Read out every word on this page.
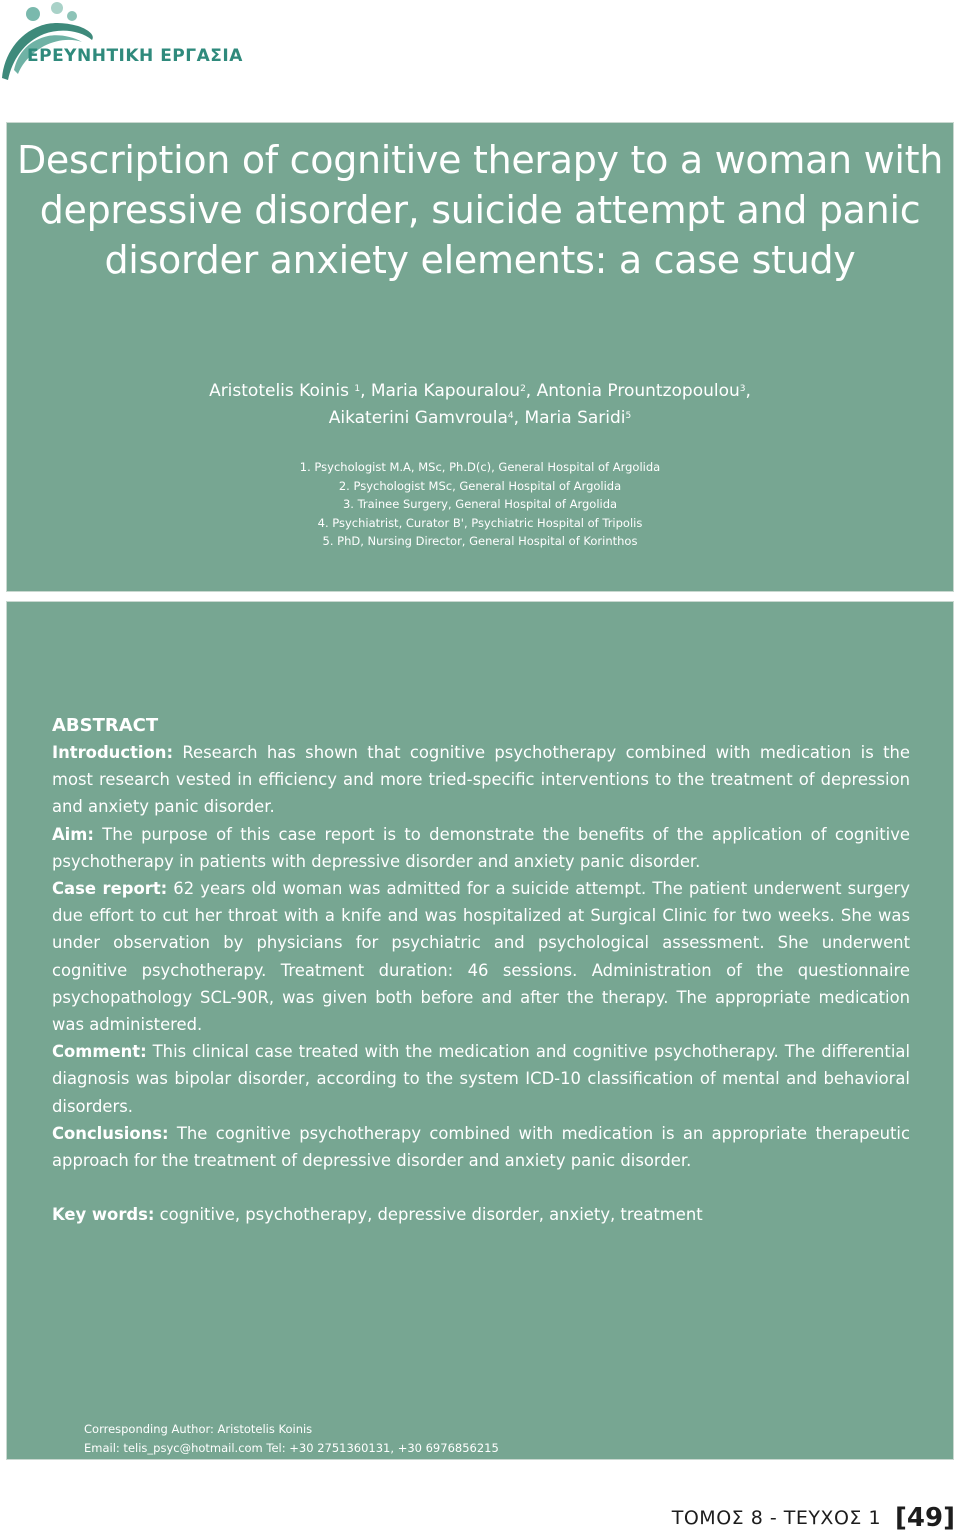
ΕΡΕΥΝΗΤΙΚΗ ΕΡΓΑΣΙΑ
Description of cognitive therapy to a woman with
depressive disorder, suicide attempt and panic
disorder anxiety elements: a case study
Aristotelis Koinis $^1$, Maria Kapouralou$^2$, Antonia Prountzopoulou$^3$,
Aikaterini Gamvroula$^4$, Maria Saridi$^5$
1. Psychologist M.A, MSc, Ph.D(c), General Hospital of Argolida
2. Psychologist MSc, General Hospital of Argolida
3. Trainee Surgery, General Hospital of Argolida
4. Psychiatrist, Curator B', Psychiatric Hospital of Tripolis
5. PhD, Nursing Director, General Hospital of Korinthos

ABSTRACT

Introduction: Research has shown that cognitive psychotherapy combined with medication is the most research vested in efficiency and more tried-specific interventions to the treatment of depression and anxiety panic disorder.

Aim: The purpose of this case report is to demonstrate the benefits of the application of cognitive psychotherapy in patients with depressive disorder and anxiety panic disorder.

Case report: 62 years old woman was admitted for a suicide attempt. The patient underwent surgery due effort to cut her throat with a knife and was hospitalized at Surgical Clinic for two weeks. She was under observation by physicians for psychiatric and psychological assessment. She underwent cognitive psychotherapy. Treatment duration: 46 sessions. Administration of the questionnaire psychopathology SCL-90R, was given both before and after the therapy. The appropriate medication was administered.

Comment: This clinical case treated with the medication and cognitive psychotherapy. The differential diagnosis was bipolar disorder, according to the system ICD-10 classification of mental and behavioral disorders.

Conclusions: The cognitive psychotherapy combined with medication is an appropriate therapeutic approach for the treatment of depressive disorder and anxiety panic disorder.

Key words: cognitive, psychotherapy, depressive disorder, anxiety, treatment

Corresponding Author: Aristotelis Koinis
Email: telis_psyc@hotmail.com Tel: +30 2751360131, +30 6976856215
ΤΟΜΟΣ 8 - ΤΕΥΧΟΣ 1 [49]
